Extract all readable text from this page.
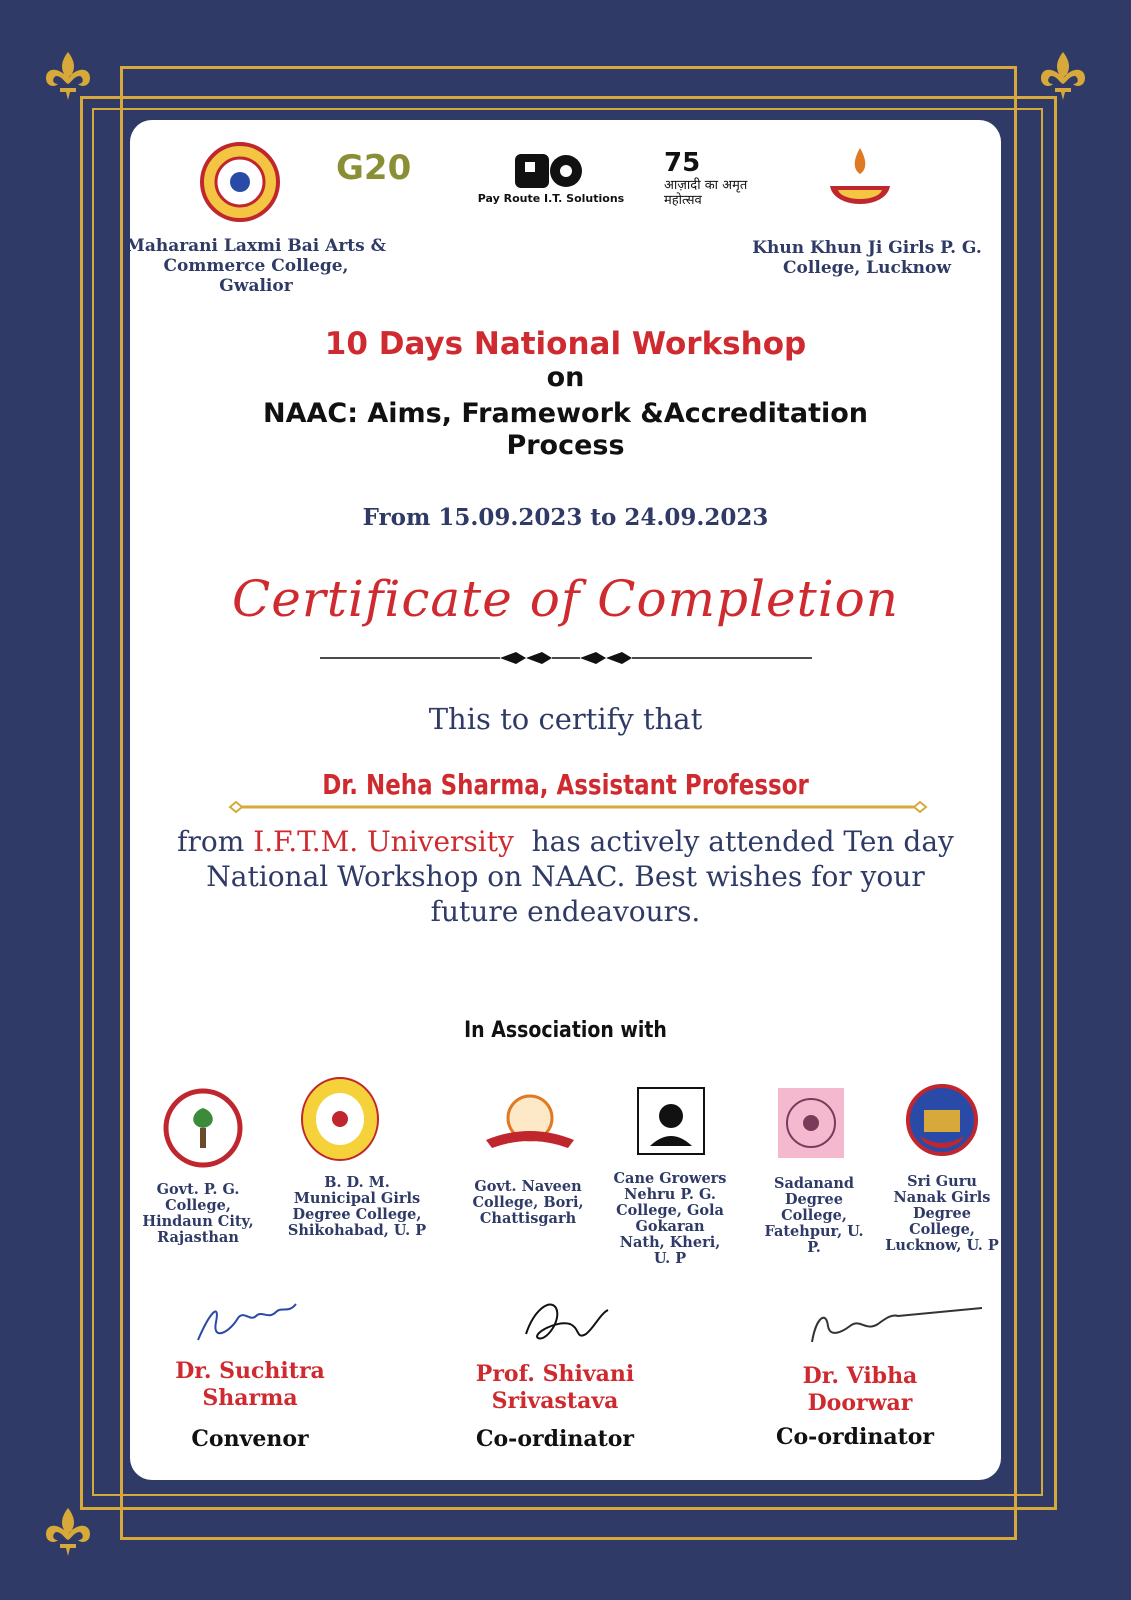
G20
Pay Route I.T. Solutions
75
आज़ादी का अमृत महोत्सव
Maharani Laxmi Bai Arts & Commerce College, Gwalior
Khun Khun Ji Girls P. G. College, Lucknow
10 Days National Workshop
on
NAAC: Aims, Framework &Accreditation
Process
From 15.09.2023 to 24.09.2023
Certificate of Completion
This to certify that
Dr. Neha Sharma, Assistant Professor
from I.F.T.M. University has actively attended Ten day
National Workshop on NAAC. Best wishes for your
future endeavours.
In Association with
Govt. P. G. College, Hindaun City, Rajasthan
B. D. M. Municipal Girls Degree College, Shikohabad, U. P
Govt. Naveen College, Bori, Chattisgarh
Cane Growers Nehru P. G. College, Gola Gokaran Nath, Kheri, U. P
Sadanand Degree College, Fatehpur, U. P.
Sri Guru Nanak Girls Degree College, Lucknow, U. P
Dr. Suchitra
Sharma
Convenor
Prof. Shivani
Srivastava
Co-ordinator
Dr. Vibha
Doorwar
Co-ordinator
